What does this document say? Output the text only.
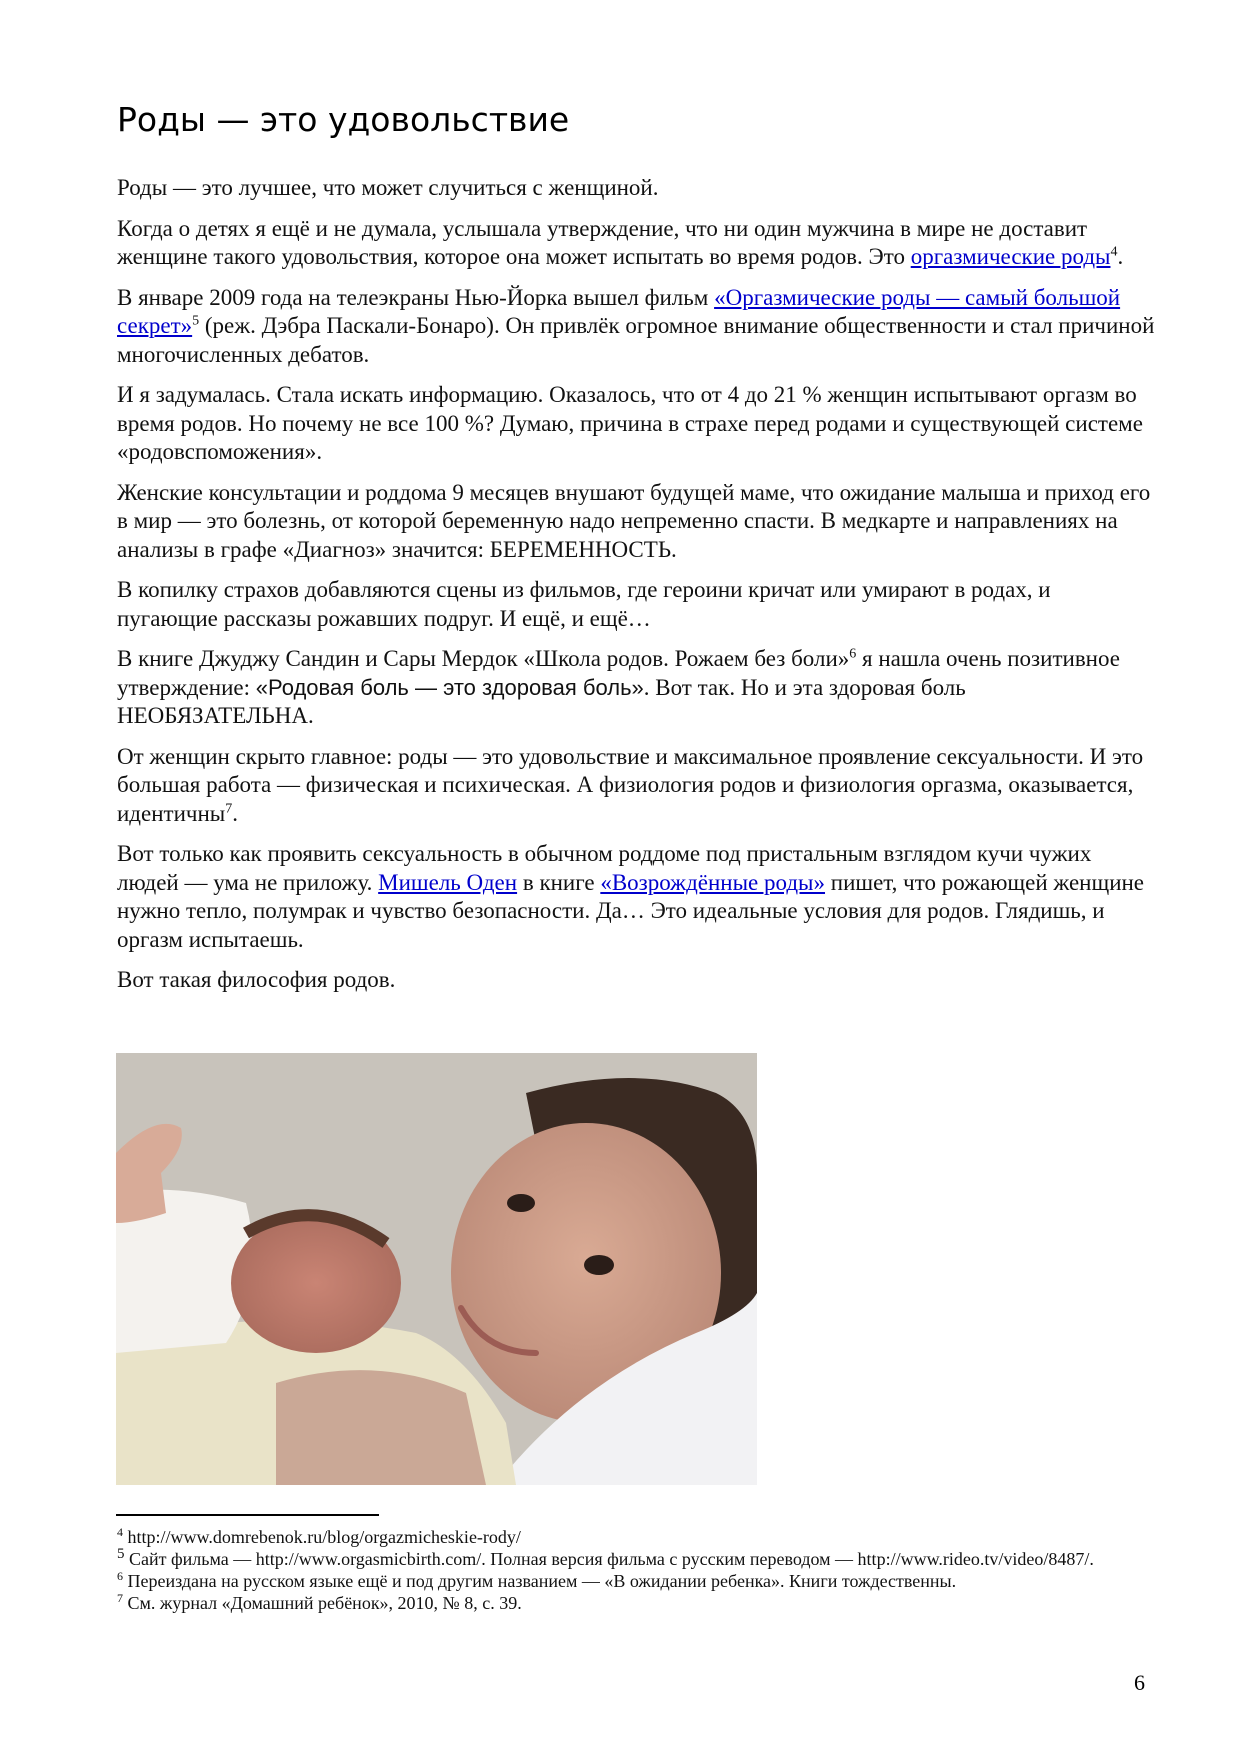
Роды — это удовольствие

Роды — это лучшее, что может случиться с женщиной.

Когда о детях я ещё и не думала, услышала утверждение, что ни один мужчина в мире не доставит женщине такого удовольствия, которое она может испытать во время родов. Это оргазмические роды$^4$.

В январе 2009 года на телеэкраны Нью-Йорка вышел фильм «Оргазмические роды — самый большой секрет»$^5$ (реж. Дэбра Паскали-Бонаро). Он привлёк огромное внимание общественности и стал причиной многочисленных дебатов.

И я задумалась. Стала искать информацию. Оказалось, что от 4 до 21 % женщин испытывают оргазм во время родов. Но почему не все 100 %? Думаю, причина в страхе перед родами и существующей системе «родовспоможения».

Женские консультации и роддома 9 месяцев внушают будущей маме, что ожидание малыша и приход его в мир — это болезнь, от которой беременную надо непременно спасти. В медкарте и направлениях на анализы в графе «Диагноз» значится: БЕРЕМЕННОСТЬ.

В копилку страхов добавляются сцены из фильмов, где героини кричат или умирают в родах, и пугающие рассказы рожавших подруг. И ещё, и ещё…

В книге Джуджу Сандин и Сары Мердок «Школа родов. Рожаем без боли»$^6$ я нашла очень позитивное утверждение: «Родовая боль — это здоровая боль». Вот так. Но и эта здоровая боль НЕОБЯЗАТЕЛЬНА.

От женщин скрыто главное: роды — это удовольствие и максимальное проявление сексуальности. И это большая работа — физическая и психическая. А физиология родов и физиология оргазма, оказывается, идентичны$^7$.

Вот только как проявить сексуальность в обычном роддоме под пристальным взглядом кучи чужих людей — ума не приложу. Мишель Оден в книге «Возрождённые роды» пишет, что рожающей женщине нужно тепло, полумрак и чувство безопасности. Да… Это идеальные условия для родов. Глядишь, и оргазм испытаешь.

Вот такая философия родов.

$^4$ http://www.domrebenok.ru/blog/orgazmicheskie-rody/
$^5$ Сайт фильма — http://www.orgasmicbirth.com/. Полная версия фильма с русским переводом — http://www.rideo.tv/video/8487/.
$^6$ Переиздана на русском языке ещё и под другим названием — «В ожидании ребенка». Книги тождественны.
$^7$ См. журнал «Домашний ребёнок», 2010, № 8, с. 39.
6
